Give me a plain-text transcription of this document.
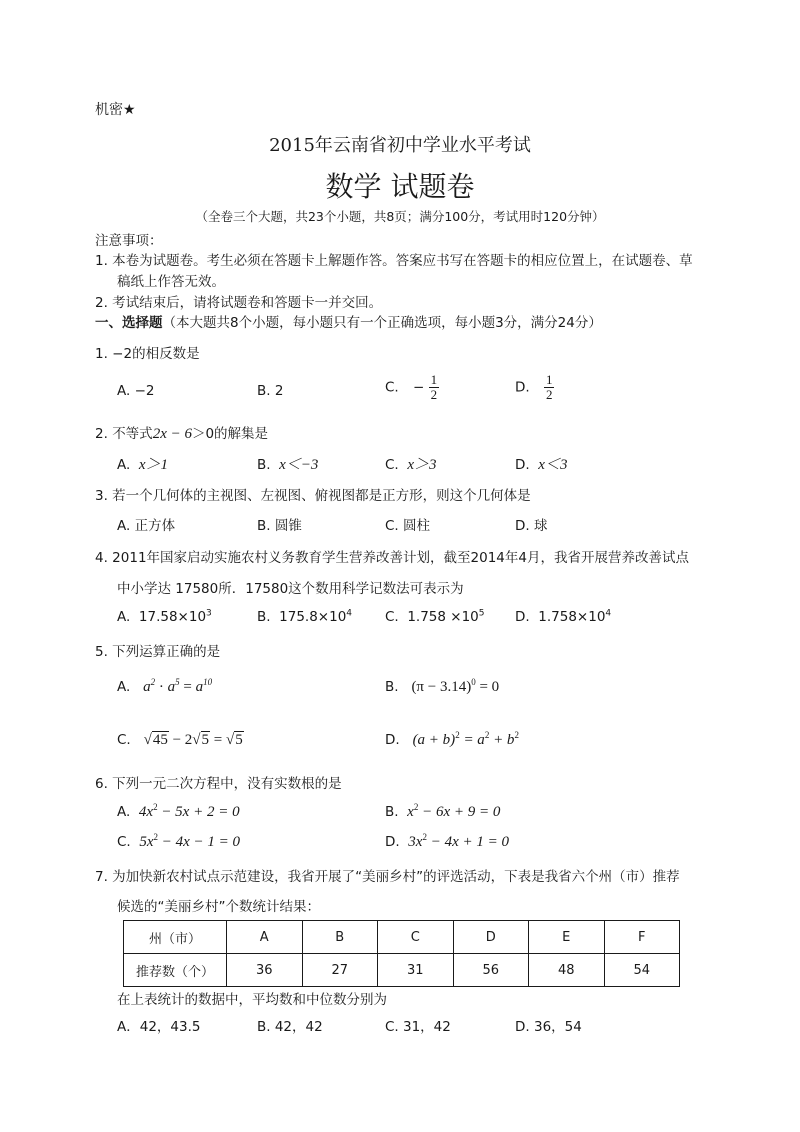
机密★
2015年云南省初中学业水平考试
数学 试题卷
（全卷三个大题，共23个小题，共8页；满分100分，考试用时120分钟）
注意事项：
1. 本卷为试题卷。考生必须在答题卡上解题作答。答案应书写在答题卡的相应位置上，在试题卷、草
稿纸上作答无效。
2. 考试结束后，请将试题卷和答题卡一并交回。
一、选择题（本大题共8个小题，每小题只有一个正确选项，每小题3分，满分24分）
1. −2的相反数是
A. −2	B. 2	C. − $\frac{1}{2}$	D. $\frac{1}{2}$
2. 不等式2x − 6＞0的解集是
A. x＞1	B. x＜−3	C. x＞3	D. x＜3
3. 若一个几何体的主视图、左视图、俯视图都是正方形，则这个几何体是
A. 正方体	B. 圆锥	C. 圆柱	D. 球
4. 2011年国家启动实施农村义务教育学生营养改善计划，截至2014年4月，我省开展营养改善试点
中小学达 17580所．17580这个数用科学记数法可表示为
A. $17.58\times 10^3$	B. $175.8\times 10^4$ C. $1.758 \times 10^5$ D. $1.758\times 10^4$
5. 下列运算正确的是
A. $a^2 \cdot a^5 = a^{10}$	B. $(\pi - 3.14)^0 = 0$
C. √45 − 2√5 = √5	D. $(a + b)^2 = a^2 + b^2$
6. 下列一元二次方程中，没有实数根的是
A. $4x^2 - 5x + 2 = 0$	B. $x^2 - 6x + 9 = 0$
C. $5x^2 - 4x - 1 = 0$	D. $3x^2 - 4x + 1 = 0$
7. 为加快新农村试点示范建设，我省开展了“美丽乡村”的评选活动，下表是我省六个州（市）推荐
候选的“美丽乡村”个数统计结果：
州（市）	A	B	C	D	E	F
推荐数（个）	36	27	31	56	48	54
在上表统计的数据中，平均数和中位数分别为
A．42，43.5	B. 42，42	C. 31，42	D. 36，54
